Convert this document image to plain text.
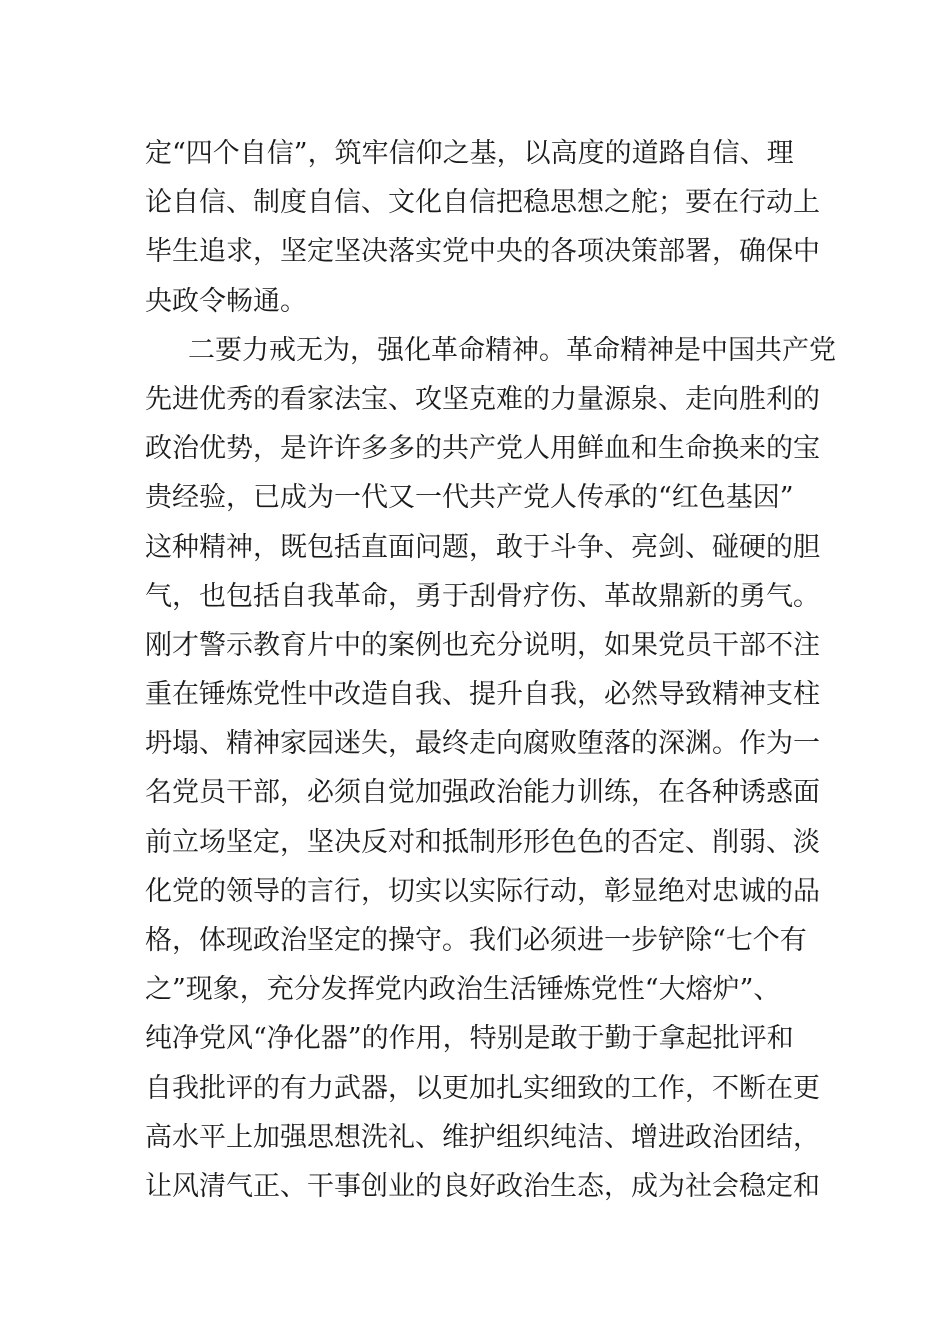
定“四个自信”，筑牢信仰之基，以高度的道路自信、理
论自信、制度自信、文化自信把稳思想之舵；要在行动上
毕生追求，坚定坚决落实党中央的各项决策部署，确保中
央政令畅通。
二要力戒无为，强化革命精神。革命精神是中国共产党
先进优秀的看家法宝、攻坚克难的力量源泉、走向胜利的
政治优势，是许许多多的共产党人用鲜血和生命换来的宝
贵经验，已成为一代又一代共产党人传承的“红色基因”
这种精神，既包括直面问题，敢于斗争、亮剑、碰硬的胆
气，也包括自我革命，勇于刮骨疗伤、革故鼎新的勇气。
刚才警示教育片中的案例也充分说明，如果党员干部不注
重在锤炼党性中改造自我、提升自我，必然导致精神支柱
坍塌、精神家园迷失，最终走向腐败堕落的深渊。作为一
名党员干部，必须自觉加强政治能力训练，在各种诱惑面
前立场坚定，坚决反对和抵制形形色色的否定、削弱、淡
化党的领导的言行，切实以实际行动，彰显绝对忠诚的品
格，体现政治坚定的操守。我们必须进一步铲除“七个有
之”现象，充分发挥党内政治生活锤炼党性“大熔炉”、
纯净党风“净化器”的作用，特别是敢于勤于拿起批评和
自我批评的有力武器，以更加扎实细致的工作，不断在更
高水平上加强思想洗礼、维护组织纯洁、增进政治团结，
让风清气正、干事创业的良好政治生态，成为社会稳定和
